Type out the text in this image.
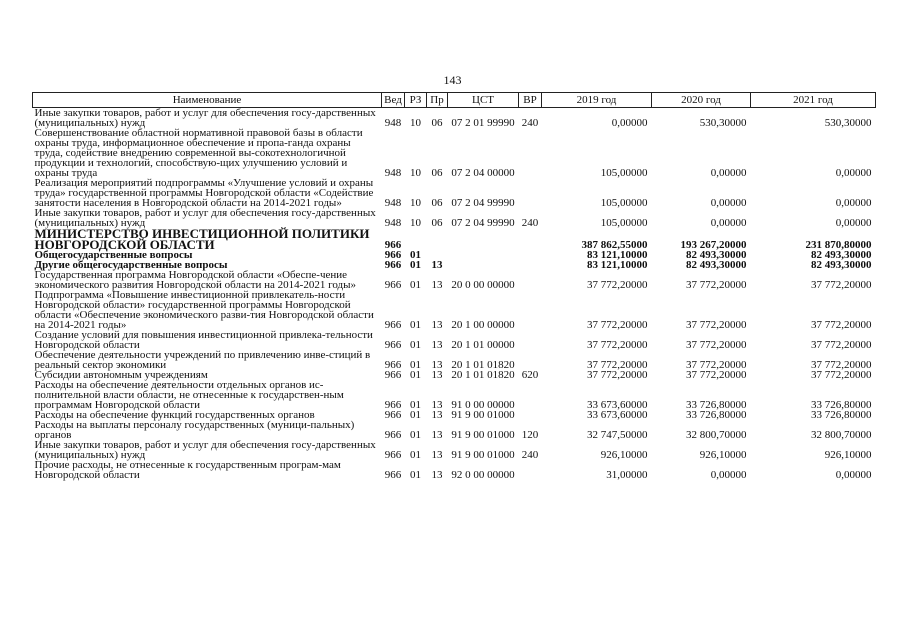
143
Наименование	Вед	РЗ	Пр	ЦСТ	ВР	2019 год	2020 год	2021 год
Иные закупки товаров, работ и услуг для обеспечения госу-дарственных (муниципальных) нужд	948	10	06	07 2 01 99990	240	0,00000	530,30000	530,30000
Совершенствование областной нормативной правовой базы в области охраны труда, информационное обеспечение и пропа-ганда охраны труда, содействие внедрению современной вы-сокотехнологичной продукции и технологий, способствую-щих улучшению условий и охраны труда	948	10	06	07 2 04 00000		105,00000	0,00000	0,00000
Реализация мероприятий подпрограммы «Улучшение условий и охраны труда» государственной программы Новгородской области «Содействие занятости населения в Новгородской области на 2014-2021 годы»	948	10	06	07 2 04 99990		105,00000	0,00000	0,00000
Иные закупки товаров, работ и услуг для обеспечения госу-дарственных (муниципальных) нужд	948	10	06	07 2 04 99990	240	105,00000	0,00000	0,00000
МИНИСТЕРСТВО ИНВЕСТИЦИОННОЙ ПОЛИТИКИ НОВГОРОДСКОЙ ОБЛАСТИ	966					387 862,55000	193 267,20000	231 870,80000
Общегосударственные вопросы	966	01				83 121,10000	82 493,30000	82 493,30000
Другие общегосударственные вопросы	966	01	13			83 121,10000	82 493,30000	82 493,30000
Государственная программа Новгородской области «Обеспе-чение экономического развития Новгородской области на 2014-2021 годы»	966	01	13	20 0 00 00000		37 772,20000	37 772,20000	37 772,20000
Подпрограмма «Повышение инвестиционной привлекатель-ности Новгородской области» государственной программы Новгородской области «Обеспечение экономического разви-тия Новгородской области на 2014-2021 годы»	966	01	13	20 1 00 00000		37 772,20000	37 772,20000	37 772,20000
Создание условий для повышения инвестиционной привлека-тельности Новгородской области	966	01	13	20 1 01 00000		37 772,20000	37 772,20000	37 772,20000
Обеспечение деятельности учреждений по привлечению инве-стиций в реальный сектор экономики	966	01	13	20 1 01 01820		37 772,20000	37 772,20000	37 772,20000
Субсидии автономным учреждениям	966	01	13	20 1 01 01820	620	37 772,20000	37 772,20000	37 772,20000
Расходы на обеспечение деятельности отдельных органов ис-полнительной власти области, не отнесенные к государствен-ным программам Новгородской области	966	01	13	91 0 00 00000		33 673,60000	33 726,80000	33 726,80000
Расходы на обеспечение функций государственных органов	966	01	13	91 9 00 01000		33 673,60000	33 726,80000	33 726,80000
Расходы на выплаты персоналу государственных (муници-пальных) органов	966	01	13	91 9 00 01000	120	32 747,50000	32 800,70000	32 800,70000
Иные закупки товаров, работ и услуг для обеспечения госу-дарственных (муниципальных) нужд	966	01	13	91 9 00 01000	240	926,10000	926,10000	926,10000
Прочие расходы, не отнесенные к государственным програм-мам Новгородской области	966	01	13	92 0 00 00000		31,00000	0,00000	0,00000
